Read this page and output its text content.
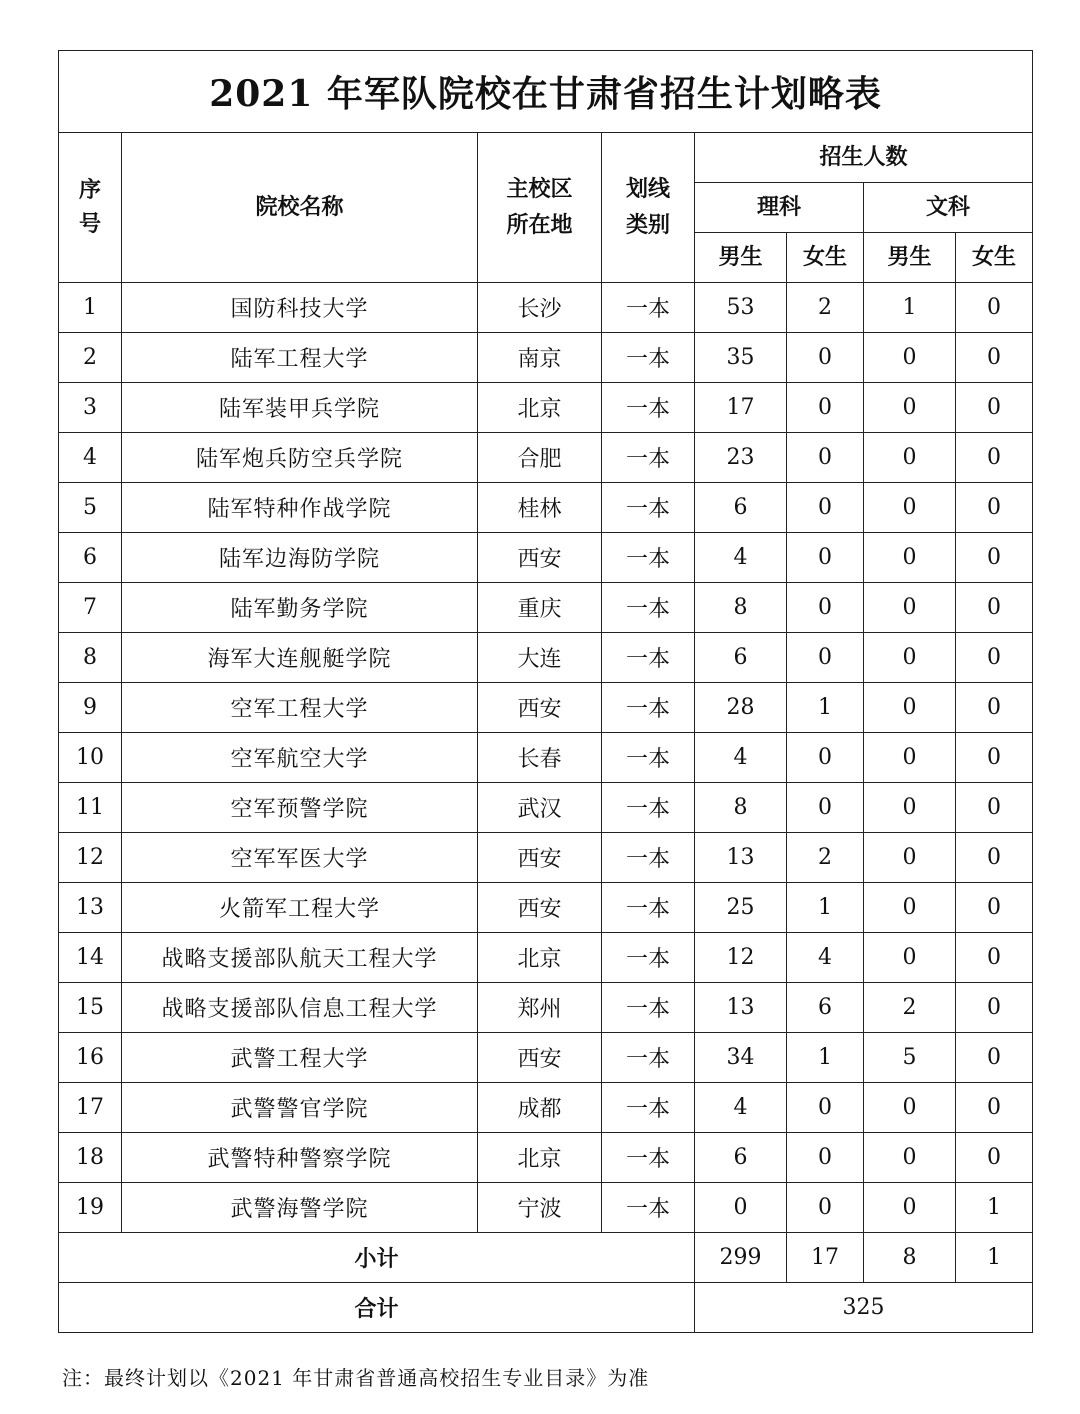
2021 年军队院校在甘肃省招生计划略表							
序号	院校名称	主校区所在地	划线类别	招生人数			
				理科		文科	
				男生	女生	男生	女生
1	国防科技大学	长沙	一本	53	2	1	0
2	陆军工程大学	南京	一本	35	0	0	0
3	陆军装甲兵学院	北京	一本	17	0	0	0
4	陆军炮兵防空兵学院	合肥	一本	23	0	0	0
5	陆军特种作战学院	桂林	一本	6	0	0	0
6	陆军边海防学院	西安	一本	4	0	0	0
7	陆军勤务学院	重庆	一本	8	0	0	0
8	海军大连舰艇学院	大连	一本	6	0	0	0
9	空军工程大学	西安	一本	28	1	0	0
10	空军航空大学	长春	一本	4	0	0	0
11	空军预警学院	武汉	一本	8	0	0	0
12	空军军医大学	西安	一本	13	2	0	0
13	火箭军工程大学	西安	一本	25	1	0	0
14	战略支援部队航天工程大学	北京	一本	12	4	0	0
15	战略支援部队信息工程大学	郑州	一本	13	6	2	0
16	武警工程大学	西安	一本	34	1	5	0
17	武警警官学院	成都	一本	4	0	0	0
18	武警特种警察学院	北京	一本	6	0	0	0
19	武警海警学院	宁波	一本	0	0	0	1
小计				299	17	8	1
合计				325			
注：最终计划以《2021 年甘肃省普通高校招生专业目录》为准
